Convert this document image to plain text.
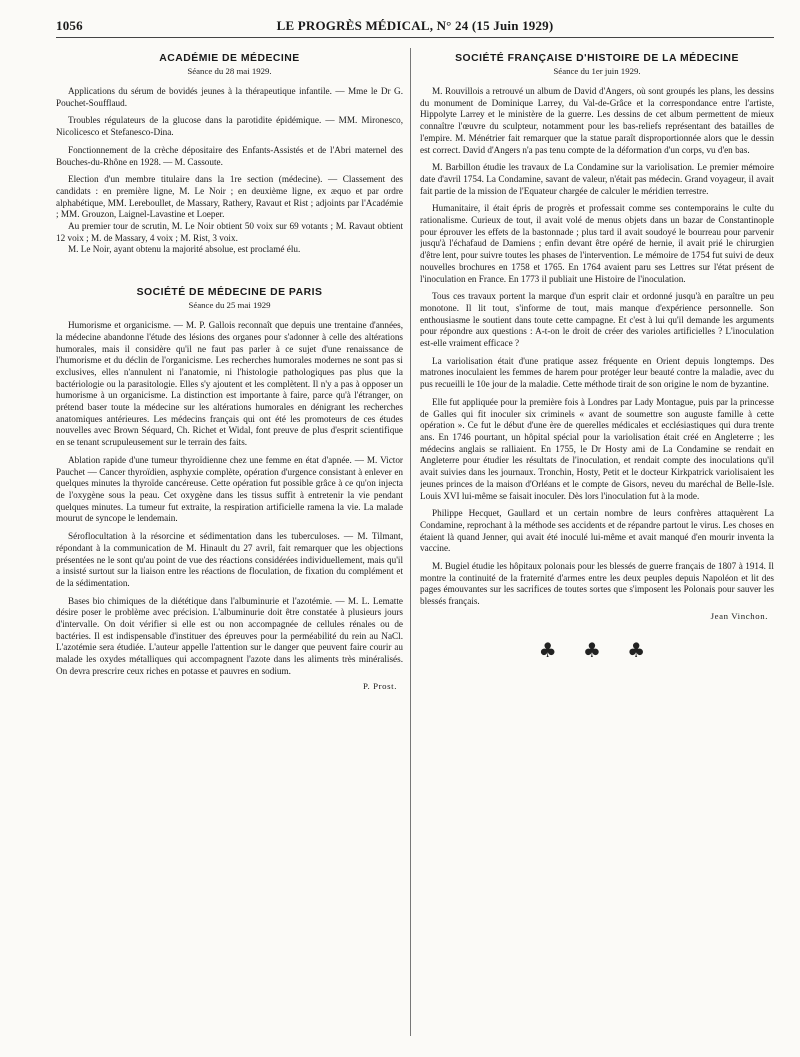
1056	LE PROGRÈS MÉDICAL, N° 24 (15 Juin 1929)
ACADÉMIE DE MÉDECINE
Séance du 28 mai 1929.

Applications du sérum de bovidés jeunes à la thérapeutique infantile. — Mme le Dr G. Pouchet-Soufflaud.

Troubles régulateurs de la glucose dans la parotidite épidémique. — MM. Mironesco, Nicolicesco et Stefanesco-Dina.

Fonctionnement de la crèche dépositaire des Enfants-Assistés et de l'Abri maternel des Bouches-du-Rhône en 1928. — M. Cassoute.

Election d'un membre titulaire dans la 1re section (médecine). — Classement des candidats : en première ligne, M. Le Noir ; en deuxième ligne, ex æquo et par ordre alphabétique, MM. Lereboullet, de Massary, Rathery, Ravaut et Rist ; adjoints par l'Académie ; MM. Grouzon, Laignel-Lavastine et Loeper.

Au premier tour de scrutin, M. Le Noir obtient 50 voix sur 69 votants ; M. Ravaut obtient 12 voix ; M. de Massary, 4 voix ; M. Rist, 3 voix.

M. Le Noir, ayant obtenu la majorité absolue, est proclamé élu.

SOCIÉTÉ DE MÉDECINE DE PARIS
Séance du 25 mai 1929

Humorisme et organicisme. — M. P. Gallois reconnaît que depuis une trentaine d'années, la médecine abandonne l'étude des lésions des organes pour s'adonner à celle des altérations humorales, mais il considère qu'il ne faut pas parler à ce sujet d'une renaissance de l'humorisme et du déclin de l'organicisme. Les recherches humorales modernes ne sont pas si exclusives, elles n'annulent ni l'anatomie, ni l'histologie pathologiques pas plus que la bactériologie ou la parasitologie. Elles s'y ajoutent et les complètent. Il n'y a pas à opposer un humorisme à un organicisme. La distinction est importante à faire, parce qu'à l'étranger, on prétend baser toute la médecine sur les altérations humorales en dénigrant les recherches anatomiques antérieures. Les médecins français qui ont été les promoteurs de ces études nouvelles avec Brown Séquard, Ch. Richet et Widal, font preuve de plus d'esprit scientifique en se tenant scrupuleusement sur le terrain des faits.

Ablation rapide d'une tumeur thyroïdienne chez une femme en état d'apnée. — M. Victor Pauchet — Cancer thyroïdien, asphyxie complète, opération d'urgence consistant à enlever en quelques minutes la thyroïde cancéreuse. Cette opération fut possible grâce à ce qu'on injecta de l'oxygène sous la peau. Cet oxygène dans les tissus suffit à entretenir la vie pendant quelques minutes. La tumeur fut extraite, la respiration artificielle ramena la vie. La malade mourut de syncope le lendemain.

Séroflocultation à la résorcine et sédimentation dans les tuberculoses. — M. Tilmant, répondant à la communication de M. Hinault du 27 avril, fait remarquer que les objections présentées ne le sont qu'au point de vue des réactions considérées individuellement, mais qu'il a insisté surtout sur la liaison entre les réactions de floculation, de fixation du complément et de la sédimentation.

Bases bio chimiques de la diététique dans l'albuminurie et l'azotémie. — M. L. Lematte désire poser le problème avec précision. L'albuminurie doit être constatée à plusieurs jours d'intervalle. On doit vérifier si elle est ou non accompagnée de cellules rénales ou de bactéries. Il est indispensable d'instituer des épreuves pour la perméabilité du rein au NaCl. L'azotémie sera étudiée. L'auteur appelle l'attention sur le danger que peuvent faire courir au malade les oxydes métalliques qui accompagnent l'azote dans les aliments très minéralisés. On devra prescrire ceux riches en potasse et pauvres en sodium.

P. Prost.
SOCIÉTÉ FRANÇAISE D'HISTOIRE DE LA MÉDECINE
Séance du 1er juin 1929.

M. Rouvillois a retrouvé un album de David d'Angers, où sont groupés les plans, les dessins du monument de Dominique Larrey, du Val-de-Grâce et la correspondance entre l'artiste, Hippolyte Larrey et le ministère de la guerre. Les dessins de cet album permettent de mieux connaître l'œuvre du sculpteur, notamment pour les bas-reliefs représentant des batailles de l'empire. M. Ménétrier fait remarquer que la statue paraît disproportionnée alors que le dessin est correct. David d'Angers n'a pas tenu compte de la déformation d'un corps, vu d'en bas.

M. Barbillon étudie les travaux de La Condamine sur la variolisation. Le premier mémoire date d'avril 1754. La Condamine, savant de valeur, n'était pas médecin. Grand voyageur, il avait fait partie de la mission de l'Equateur chargée de calculer le méridien terrestre.

Humanitaire, il était épris de progrès et professait comme ses contemporains le culte du rationalisme. Curieux de tout, il avait volé de menus objets dans un bazar de Constantinople pour éprouver les effets de la bastonnade ; plus tard il avait soudoyé le bourreau pour parvenir jusqu'à l'échafaud de Damiens ; enfin devant être opéré de hernie, il avait prié le chirurgien d'être lent, pour suivre toutes les phases de l'intervention. Le mémoire de 1754 fut suivi de deux nouvelles brochures en 1758 et 1765. En 1764 avaient paru ses Lettres sur l'état présent de l'inoculation en France. En 1773 il publiait une Histoire de l'inoculation.

Tous ces travaux portent la marque d'un esprit clair et ordonné jusqu'à en paraître un peu monotone. Il lit tout, s'informe de tout, mais manque d'expérience personnelle. Son enthousiasme le soutient dans toute cette campagne. Et c'est à lui qu'il demande les arguments pour répondre aux questions : A-t-on le droit de créer des varioles artificielles ? L'inoculation est-elle vraiment efficace ?

La variolisation était d'une pratique assez fréquente en Orient depuis longtemps. Des matrones inoculaient les femmes de harem pour protéger leur beauté contre la maladie, avec du pus recueilli le 10e jour de la maladie. Cette méthode tirait de son origine le nom de byzantine.

Elle fut appliquée pour la première fois à Londres par Lady Montague, puis par la princesse de Galles qui fit inoculer six criminels « avant de soumettre son auguste famille à cette opération ». Ce fut le début d'une ère de querelles médicales et ecclésiastiques qui dura trente ans. En 1746 pourtant, un hôpital spécial pour la variolisation était créé en Angleterre ; les médecins anglais se ralliaient. En 1755, le Dr Hosty ami de La Condamine se rendait en Angleterre pour étudier les résultats de l'inoculation, et rendait compte des inoculations qu'il avait suivies dans les journaux. Tronchin, Hosty, Petit et le docteur Kirkpatrick variolisaient les jeunes princes de la maison d'Orléans et le compte de Gisors, neveu du maréchal de Belle-Isle. Louis XVI lui-même se faisait inoculer. Dès lors l'inoculation fut à la mode.

Philippe Hecquet, Gaullard et un certain nombre de leurs confrères attaquèrent La Condamine, reprochant à la méthode ses accidents et de répandre partout le virus. Les choses en étaient là quand Jenner, qui avait été inoculé lui-même et avait manqué d'en mourir inventa la vaccine.

M. Bugiel étudie les hôpitaux polonais pour les blessés de guerre français de 1807 à 1914. Il montre la continuité de la fraternité d'armes entre les deux peuples depuis Napoléon et lit des pages émouvantes sur les sacrifices de toutes sortes que s'imposent les Polonais pour sauver les blessés français.

Jean Vinchon.
♣ ♣ ♣
